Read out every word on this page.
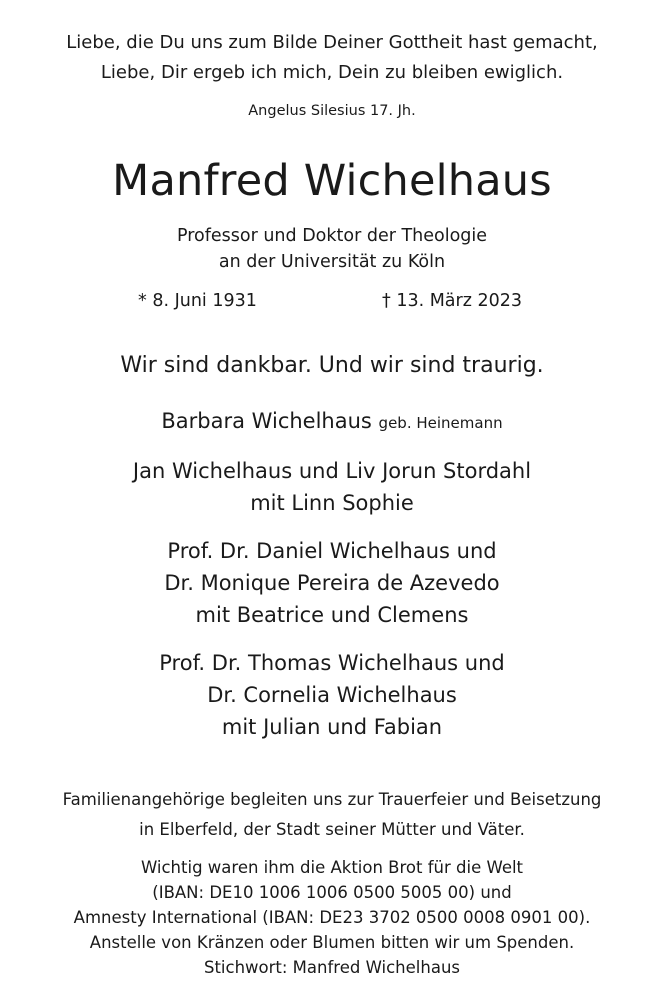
Liebe, die Du uns zum Bilde Deiner Gottheit hast gemacht,
Liebe, Dir ergeb ich mich, Dein zu bleiben ewiglich.
Angelus Silesius 17. Jh.
Manfred Wichelhaus
Professor und Doktor der Theologie
an der Universität zu Köln
* 8. Juni 1931	† 13. März 2023
Wir sind dankbar. Und wir sind traurig.
Barbara Wichelhaus geb. Heinemann
Jan Wichelhaus und Liv Jorun Stordahl
mit Linn Sophie
Prof. Dr. Daniel Wichelhaus und
Dr. Monique Pereira de Azevedo
mit Beatrice und Clemens
Prof. Dr. Thomas Wichelhaus und
Dr. Cornelia Wichelhaus
mit Julian und Fabian
Familienangehörige begleiten uns zur Trauerfeier und Beisetzung
in Elberfeld, der Stadt seiner Mütter und Väter.
Wichtig waren ihm die Aktion Brot für die Welt
(IBAN: DE10 1006 1006 0500 5005 00) und
Amnesty International (IBAN: DE23 3702 0500 0008 0901 00).
Anstelle von Kränzen oder Blumen bitten wir um Spenden.
Stichwort: Manfred Wichelhaus
